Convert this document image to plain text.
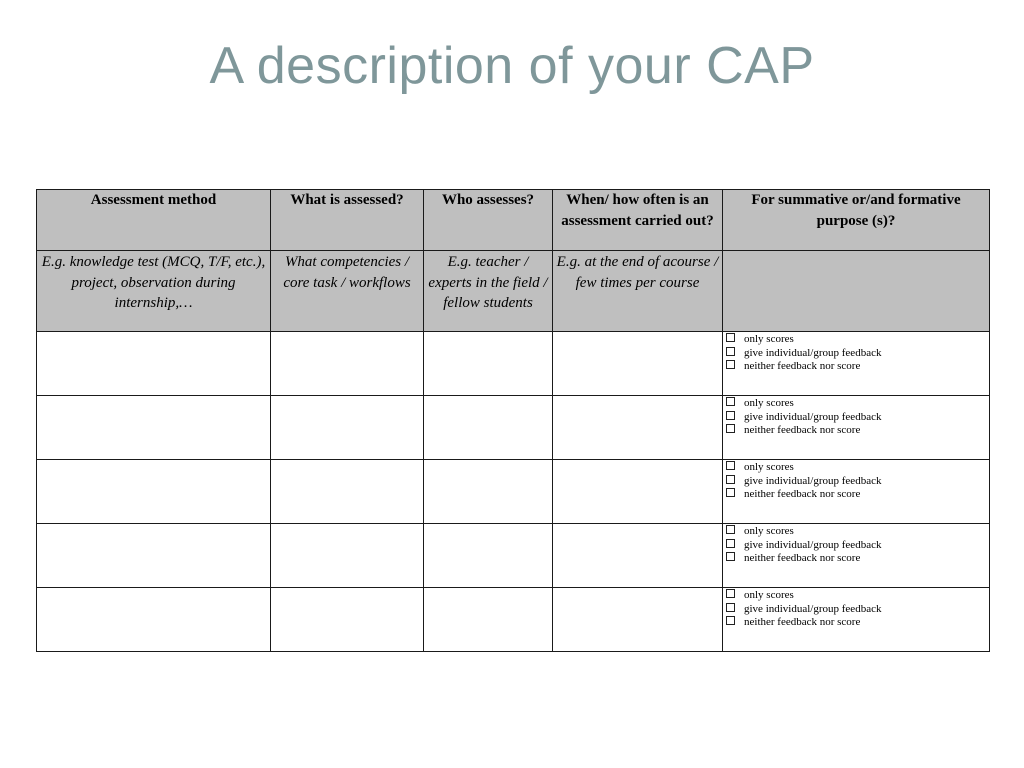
A description of your CAP
Assessment method	What is assessed?	Who assesses?	When/ how often is an assessment carried out?	For summative or/and formative purpose (s)?
E.g. knowledge test (MCQ, T/F, etc.), project, observation during internship,…	What competencies / core task / workflows	E.g. teacher / experts in the field / fellow students	E.g. at the end of acourse / few times per course	

				only scores
give individual/group feedback
neither feedback nor score

				only scores
give individual/group feedback
neither feedback nor score

				only scores
give individual/group feedback
neither feedback nor score

				only scores
give individual/group feedback
neither feedback nor score

				only scores
give individual/group feedback
neither feedback nor score
